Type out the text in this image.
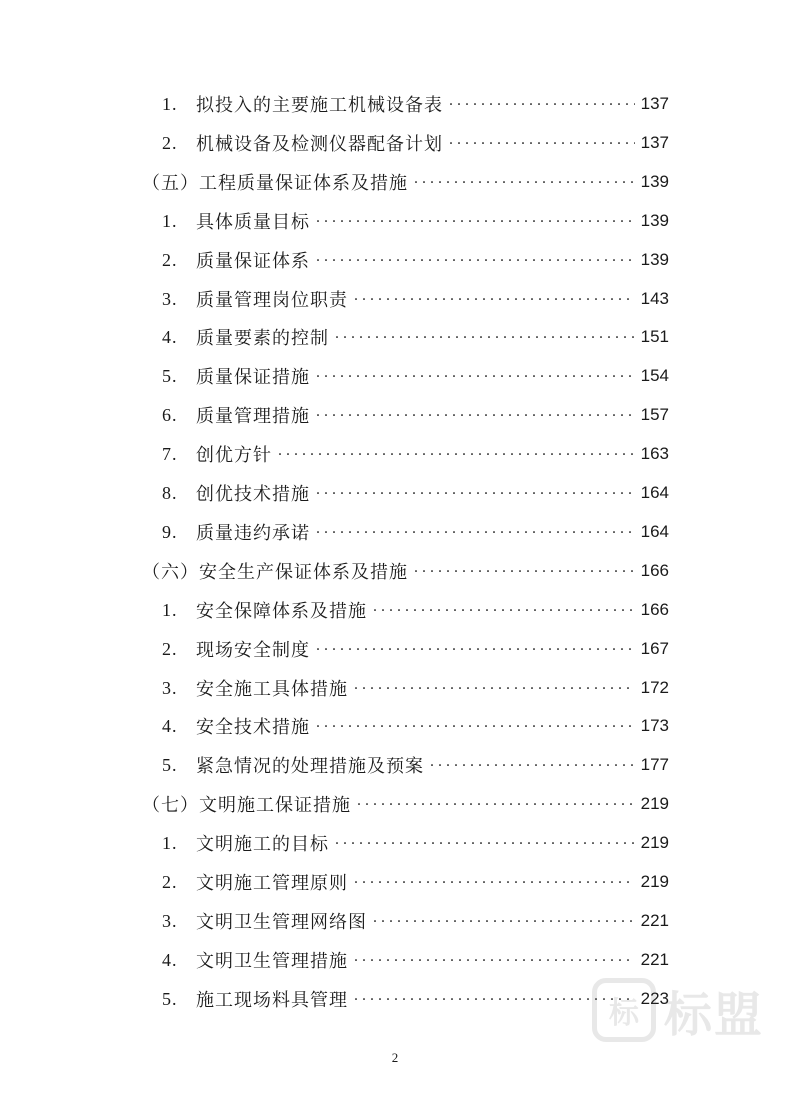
1.	拟投入的主要施工机械设备表 . . .	137
2.	机械设备及检测仪器配备计划 . . .	137
（五） 工程质量保证体系及措施 . . .	139
1.	具体质量目标 . . .	139
2.	质量保证体系 . . .	139
3.	质量管理岗位职责 . . .	143
4.	质量要素的控制 . . .	151
5.	质量保证措施 . . .	154
6.	质量管理措施 . . .	157
7.	创优方针 . . .	163
8.	创优技术措施 . . .	164
9.	质量违约承诺 . . .	164
（六） 安全生产保证体系及措施 . . .	166
1.	安全保障体系及措施 . . .	166
2.	现场安全制度 . . .	167
3.	安全施工具体措施 . . .	172
4.	安全技术措施 . . .	173
5.	紧急情况的处理措施及预案 . . .	177
（七） 文明施工保证措施 . . .	219
1.	文明施工的目标 . . .	219
2.	文明施工管理原则 . . .	219
3.	文明卫生管理网络图 . . .	221
4.	文明卫生管理措施 . . .	221
5.	施工现场料具管理 . . .	223
2
标 标盟
